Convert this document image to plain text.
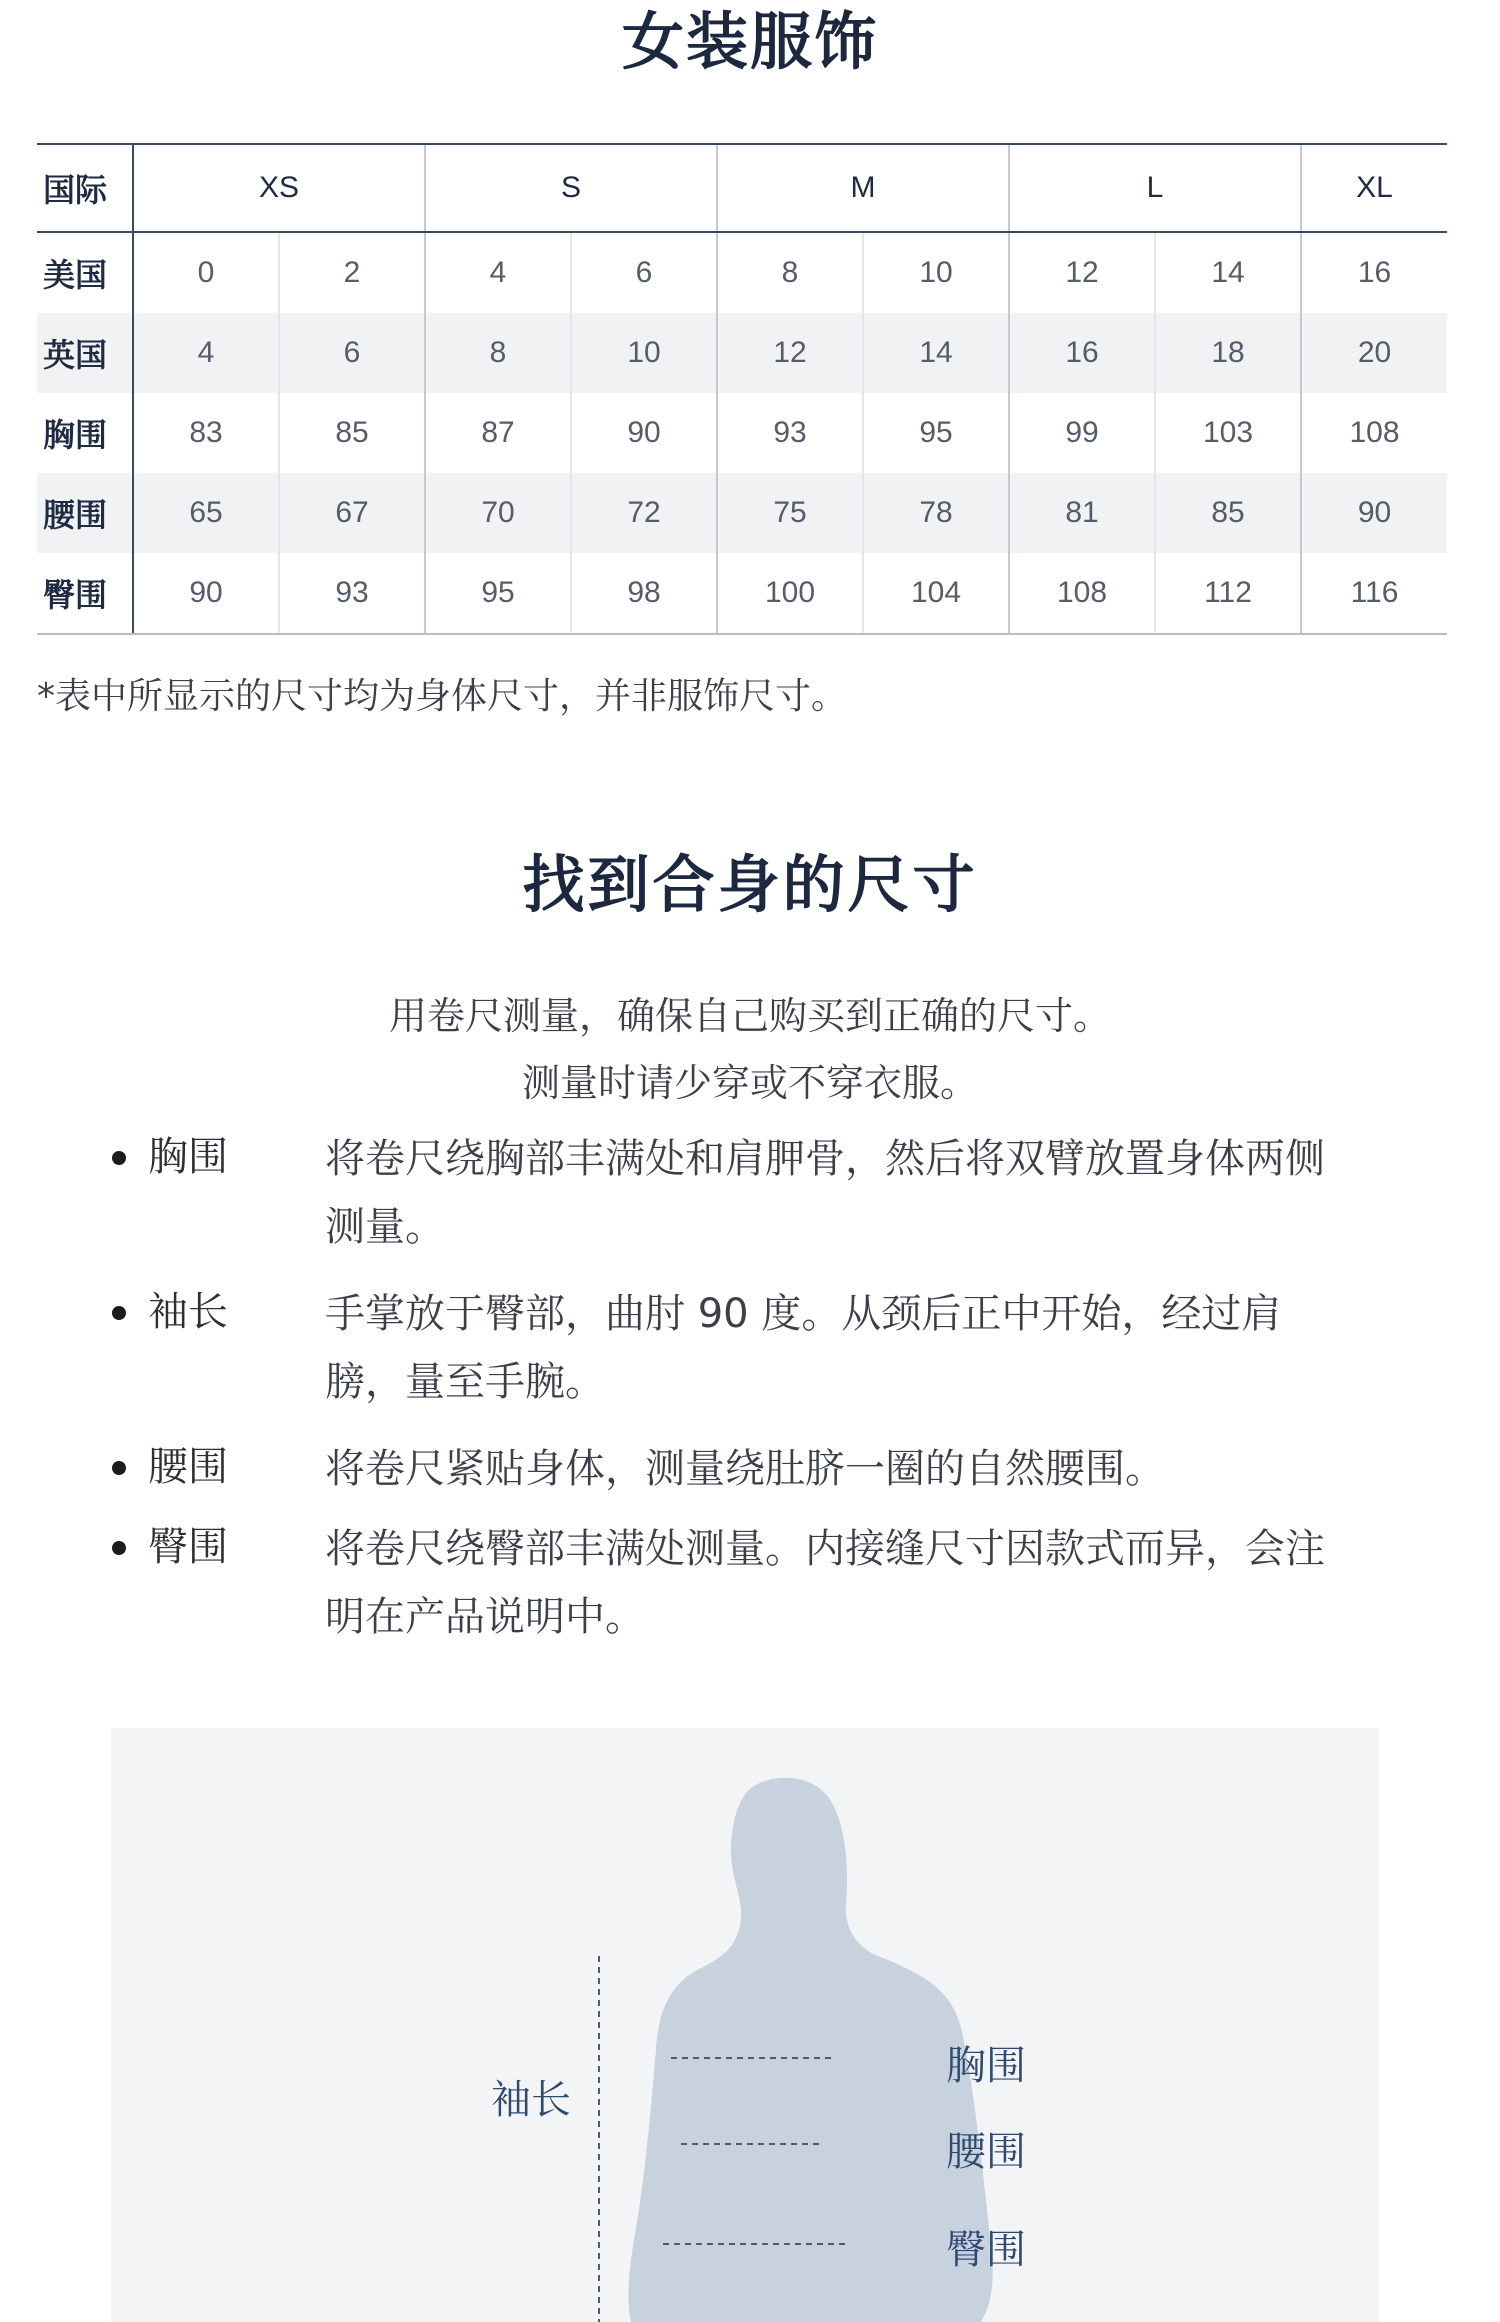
女装服饰
国际	XS		S		M		L		XL
美国	0	2	4	6	8	10	12	14	16
英国	4	6	8	10	12	14	16	18	20
胸围	83	85	87	90	93	95	99	103	108
腰围	65	67	70	72	75	78	81	85	90
臀围	90	93	95	98	100	104	108	112	116
*表中所显示的尺寸均为身体尺寸，并非服饰尺寸。
找到合身的尺寸
用卷尺测量，确保自己购买到正确的尺寸。
测量时请少穿或不穿衣服。
胸围 将卷尺绕胸部丰满处和肩胛骨，然后将双臂放置身体两侧测量。
袖长 手掌放于臀部，曲肘 90 度。从颈后正中开始，经过肩膀，量至手腕。
腰围 将卷尺紧贴身体，测量绕肚脐一圈的自然腰围。
臀围 将卷尺绕臀部丰满处测量。内接缝尺寸因款式而异，会注明在产品说明中。
袖长
胸围
腰围
臀围
